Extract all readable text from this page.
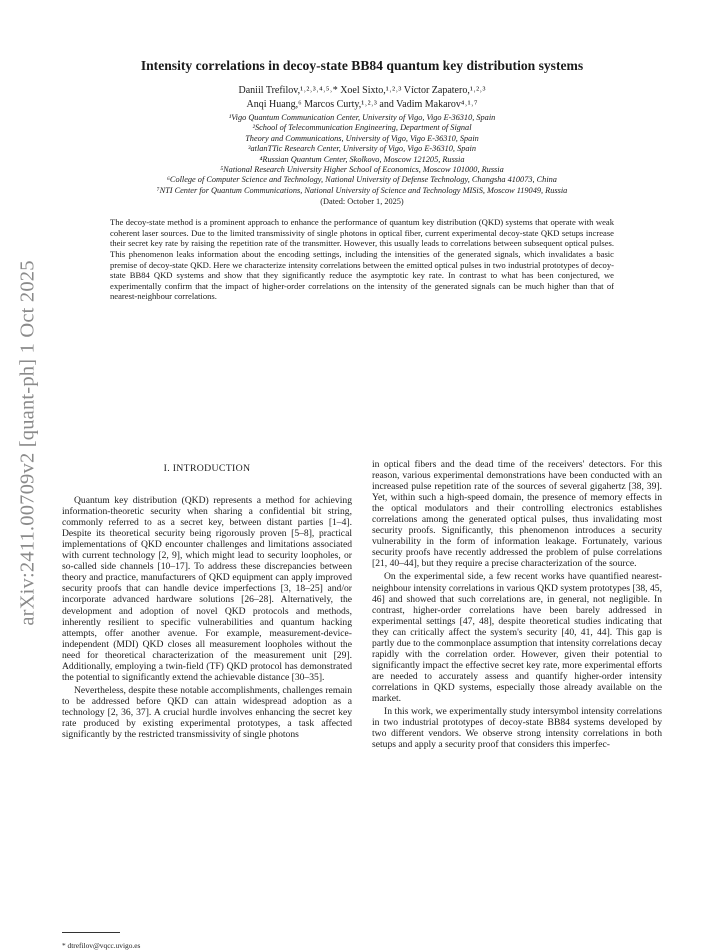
arXiv:2411.00709v2 [quant-ph] 1 Oct 2025
Intensity correlations in decoy-state BB84 quantum key distribution systems
Daniil Trefilov,¹˒²˒³˒⁴˒⁵˒* Xoel Sixto,¹˒²˒³ Víctor Zapatero,¹˒²˒³
Anqi Huang,⁶ Marcos Curty,¹˒²˒³ and Vadim Makarov⁴˒¹˒⁷
¹Vigo Quantum Communication Center, University of Vigo, Vigo E-36310, Spain
²School of Telecommunication Engineering, Department of Signal
Theory and Communications, University of Vigo, Vigo E-36310, Spain
³atlanTTic Research Center, University of Vigo, Vigo E-36310, Spain
⁴Russian Quantum Center, Skolkovo, Moscow 121205, Russia
⁵National Research University Higher School of Economics, Moscow 101000, Russia
⁶College of Computer Science and Technology, National University of Defense Technology, Changsha 410073, China
⁷NTI Center for Quantum Communications, National University of Science and Technology MISiS, Moscow 119049, Russia
(Dated: October 1, 2025)
The decoy-state method is a prominent approach to enhance the performance of quantum key distribution (QKD) systems that operate with weak coherent laser sources. Due to the limited transmissivity of single photons in optical fiber, current experimental decoy-state QKD setups increase their secret key rate by raising the repetition rate of the transmitter. However, this usually leads to correlations between subsequent optical pulses. This phenomenon leaks information about the encoding settings, including the intensities of the generated signals, which invalidates a basic premise of decoy-state QKD. Here we characterize intensity correlations between the emitted optical pulses in two industrial prototypes of decoy-state BB84 QKD systems and show that they significantly reduce the asymptotic key rate. In contrast to what has been conjectured, we experimentally confirm that the impact of higher-order correlations on the intensity of the generated signals can be much higher than that of nearest-neighbour correlations.
I. INTRODUCTION

Quantum key distribution (QKD) represents a method for achieving information-theoretic security when sharing a confidential bit string, commonly referred to as a secret key, between distant parties [1–4]. Despite its theoretical security being rigorously proven [5–8], practical implementations of QKD encounter challenges and limitations associated with current technology [2, 9], which might lead to security loopholes, or so-called side channels [10–17]. To address these discrepancies between theory and practice, manufacturers of QKD equipment can apply improved security proofs that can handle device imperfections [3, 18–25] and/or incorporate advanced hardware solutions [26–28]. Alternatively, the development and adoption of novel QKD protocols and methods, inherently resilient to specific vulnerabilities and quantum hacking attempts, offer another avenue. For example, measurement-device-independent (MDI) QKD closes all measurement loopholes without the need for theoretical characterization of the measurement unit [29]. Additionally, employing a twin-field (TF) QKD protocol has demonstrated the potential to significantly extend the achievable distance [30–35].

Nevertheless, despite these notable accomplishments, challenges remain to be addressed before QKD can attain widespread adoption as a technology [2, 36, 37]. A crucial hurdle involves enhancing the secret key rate produced by existing experimental prototypes, a task affected significantly by the restricted transmissivity of single photons

* dtrefilov@vqcc.uvigo.es

in optical fibers and the dead time of the receivers' detectors. For this reason, various experimental demonstrations have been conducted with an increased pulse repetition rate of the sources of several gigahertz [38, 39]. Yet, within such a high-speed domain, the presence of memory effects in the optical modulators and their controlling electronics establishes correlations among the generated optical pulses, thus invalidating most security proofs. Significantly, this phenomenon introduces a security vulnerability in the form of information leakage. Fortunately, various security proofs have recently addressed the problem of pulse correlations [21, 40–44], but they require a precise characterization of the source.

On the experimental side, a few recent works have quantified nearest-neighbour intensity correlations in various QKD system prototypes [38, 45, 46] and showed that such correlations are, in general, not negligible. In contrast, higher-order correlations have been barely addressed in experimental settings [47, 48], despite theoretical studies indicating that they can critically affect the system's security [40, 41, 44]. This gap is partly due to the commonplace assumption that intensity correlations decay rapidly with the correlation order. However, given their potential to significantly impact the effective secret key rate, more experimental efforts are needed to accurately assess and quantify higher-order intensity correlations in QKD systems, especially those already available on the market.

In this work, we experimentally study intersymbol intensity correlations in two industrial prototypes of decoy-state BB84 systems developed by two different vendors. We observe strong intensity correlations in both setups and apply a security proof that considers this imperfec-
